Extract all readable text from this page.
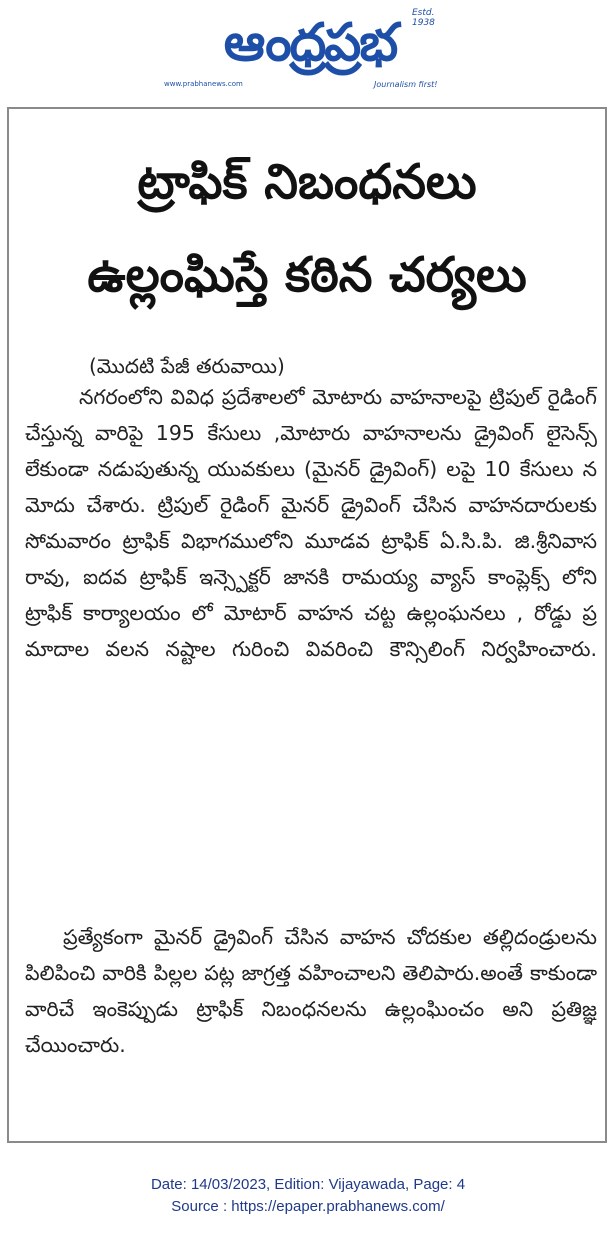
ఆంధ్రప్రభ	Estd. 1938
www.prabhanews.com	Journalism first!
ట్రాఫిక్ నిబంధనలు
ఉల్లంఘిస్తే కఠిన చర్యలు
(మొదటి పేజీ తరువాయి)
నగరంలోని వివిధ ప్రదేశాలలో మోటారు వాహనాలపై ట్రిపుల్ రైడింగ్ చేస్తున్న వారిపై 195 కేసులు ,మోటారు వాహనాలను డ్రైవింగ్ లైసెన్స్ లేకుండా నడుపుతున్న యువకులు (మైనర్ డ్రైవింగ్) లపై 10 కేసులు నమోదు చేశారు. ట్రిపుల్ రైడింగ్ మైనర్ డ్రైవింగ్ చేసిన వాహనదారులకు సోమవారం ట్రాఫిక్ విభాగములోని మూడవ ట్రాఫిక్ ఏ.సి.పి. జి.శ్రీనివాసరావు, ఐదవ ట్రాఫిక్ ఇన్స్పెక్టర్ జానకి రామయ్య వ్యాస్ కాంప్లెక్స్ లోని ట్రాఫిక్ కార్యాలయం లో మోటార్ వాహన చట్ట ఉల్లంఘనలు , రోడ్డు ప్రమాదాల వలన నష్టాల గురించి వివరించి కౌన్సిలింగ్ నిర్వహించారు.
ప్రత్యేకంగా మైనర్ డ్రైవింగ్ చేసిన వాహన చోదకుల తల్లిదండ్రులను పిలిపించి వారికి పిల్లల పట్ల జాగ్రత్త వహించాలని తెలిపారు.అంతే కాకుండా వారిచే ఇంకెప్పుడు ట్రాఫిక్ నిబంధనలను ఉల్లంఘించం అని ప్రతిజ్ఞ చేయించారు.
Date: 14/03/2023, Edition: Vijayawada, Page: 4
Source : https://epaper.prabhanews.com/
